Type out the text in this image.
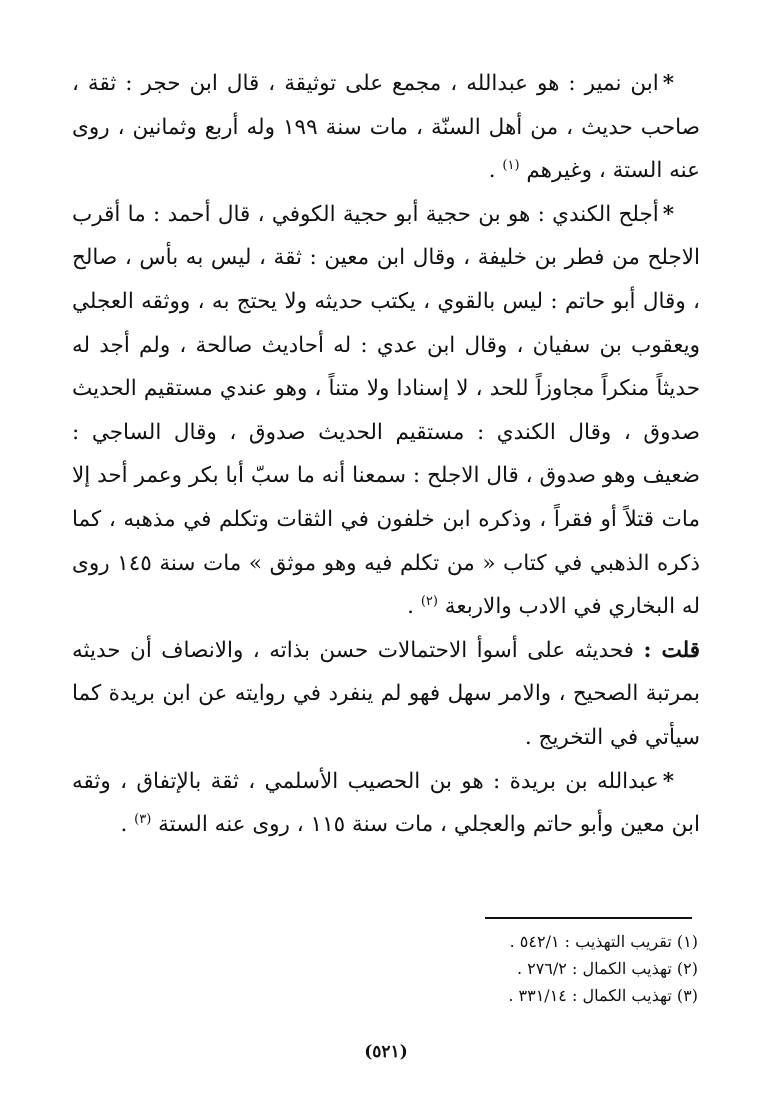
*ابن نمير : هو عبدالله ، مجمع على توثيقة ، قال ابن حجر : ثقة ، صاحب حديث ، من أهل السنّة ، مات سنة ١٩٩ وله أربع وثمانين ، روى عنه الستة ، وغيرهم $^{(١)}$ .

*أجلح الكندي : هو بن حجية أبو حجية الكوفي ، قال أحمد : ما أقرب الاجلح من فطر بن خليفة ، وقال ابن معين : ثقة ، ليس به بأس ، صالح ، وقال أبو حاتم : ليس بالقوي ، يكتب حديثه ولا يحتج به ، ووثقه العجلي ويعقوب بن سفيان ، وقال ابن عدي : له أحاديث صالحة ، ولم أجد له حديثاً منكراً مجاوزاً للحد ، لا إسنادا ولا متناً ، وهو عندي مستقيم الحديث صدوق ، وقال الكندي : مستقيم الحديث صدوق ، وقال الساجي : ضعيف وهو صدوق ، قال الاجلح : سمعنا أنه ما سبّ أبا بكر وعمر أحد إلا مات قتلاً أو فقراً ، وذكره ابن خلفون في الثقات وتكلم في مذهبه ، كما ذكره الذهبي في كتاب « من تكلم فيه وهو موثق » مات سنة ١٤٥ روى له البخاري في الادب والاربعة $^{(٢)}$ .

قلت : فحديثه على أسوأ الاحتمالات حسن بذاته ، والانصاف أن حديثه بمرتبة الصحيح ، والامر سهل فهو لم ينفرد في روايته عن ابن بريدة كما سيأتي في التخريج .

*عبدالله بن بريدة : هو بن الحصيب الأسلمي ، ثقة بالإتفاق ، وثقه ابن معين وأبو حاتم والعجلي ، مات سنة ١١٥ ، روى عنه الستة $^{(٣)}$ .

(١) تقريب التهذيب : ٥٤٢/١ .
(٢) تهذيب الكمال : ٢٧٦/٢ .
(٣) تهذيب الكمال : ٣٣١/١٤ .
(٥٢١)
